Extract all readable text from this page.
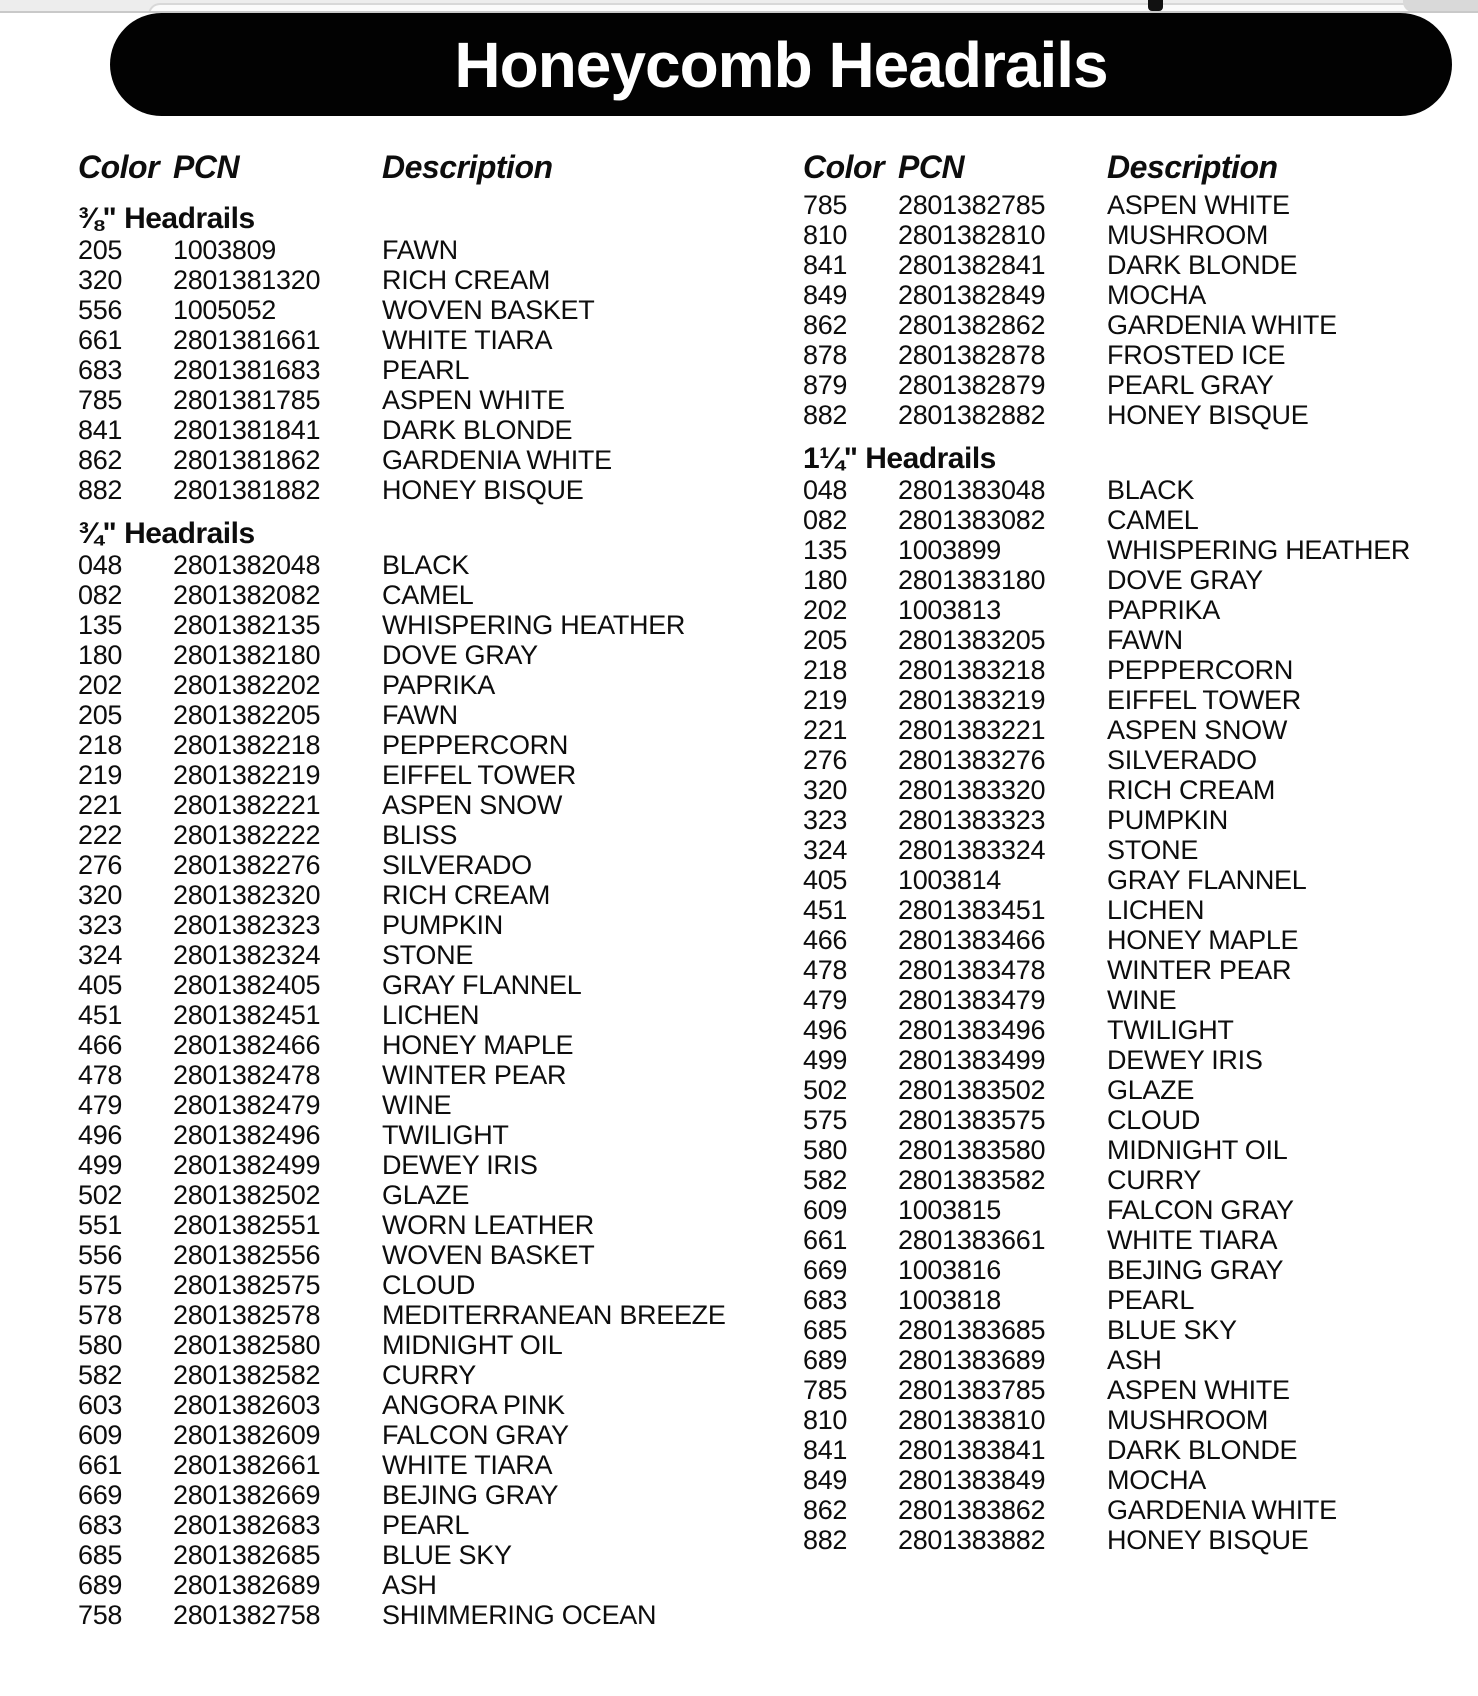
Honeycomb Headrails
Color PCN	Description
⅜" Headrails
205	1003809	FAWN
320	2801381320	RICH CREAM
556	1005052	WOVEN BASKET
661	2801381661	WHITE TIARA
683	2801381683	PEARL
785	2801381785	ASPEN WHITE
841	2801381841	DARK BLONDE
862	2801381862	GARDENIA WHITE
882	2801381882	HONEY BISQUE
¾" Headrails
048	2801382048	BLACK
082	2801382082	CAMEL
135	2801382135	WHISPERING HEATHER
180	2801382180	DOVE GRAY
202	2801382202	PAPRIKA
205	2801382205	FAWN
218	2801382218	PEPPERCORN
219	2801382219	EIFFEL TOWER
221	2801382221	ASPEN SNOW
222	2801382222	BLISS
276	2801382276	SILVERADO
320	2801382320	RICH CREAM
323	2801382323	PUMPKIN
324	2801382324	STONE
405	2801382405	GRAY FLANNEL
451	2801382451	LICHEN
466	2801382466	HONEY MAPLE
478	2801382478	WINTER PEAR
479	2801382479	WINE
496	2801382496	TWILIGHT
499	2801382499	DEWEY IRIS
502	2801382502	GLAZE
551	2801382551	WORN LEATHER
556	2801382556	WOVEN BASKET
575	2801382575	CLOUD
578	2801382578	MEDITERRANEAN BREEZE
580	2801382580	MIDNIGHT OIL
582	2801382582	CURRY
603	2801382603	ANGORA PINK
609	2801382609	FALCON GRAY
661	2801382661	WHITE TIARA
669	2801382669	BEJING GRAY
683	2801382683	PEARL
685	2801382685	BLUE SKY
689	2801382689	ASH
758	2801382758	SHIMMERING OCEAN
Color PCN	Description
785	2801382785	ASPEN WHITE
810	2801382810	MUSHROOM
841	2801382841	DARK BLONDE
849	2801382849	MOCHA
862	2801382862	GARDENIA WHITE
878	2801382878	FROSTED ICE
879	2801382879	PEARL GRAY
882	2801382882	HONEY BISQUE
1¼" Headrails
048	2801383048	BLACK
082	2801383082	CAMEL
135	1003899	WHISPERING HEATHER
180	2801383180	DOVE GRAY
202	1003813	PAPRIKA
205	2801383205	FAWN
218	2801383218	PEPPERCORN
219	2801383219	EIFFEL TOWER
221	2801383221	ASPEN SNOW
276	2801383276	SILVERADO
320	2801383320	RICH CREAM
323	2801383323	PUMPKIN
324	2801383324	STONE
405	1003814	GRAY FLANNEL
451	2801383451	LICHEN
466	2801383466	HONEY MAPLE
478	2801383478	WINTER PEAR
479	2801383479	WINE
496	2801383496	TWILIGHT
499	2801383499	DEWEY IRIS
502	2801383502	GLAZE
575	2801383575	CLOUD
580	2801383580	MIDNIGHT OIL
582	2801383582	CURRY
609	1003815	FALCON GRAY
661	2801383661	WHITE TIARA
669	1003816	BEJING GRAY
683	1003818	PEARL
685	2801383685	BLUE SKY
689	2801383689	ASH
785	2801383785	ASPEN WHITE
810	2801383810	MUSHROOM
841	2801383841	DARK BLONDE
849	2801383849	MOCHA
862	2801383862	GARDENIA WHITE
882	2801383882	HONEY BISQUE
